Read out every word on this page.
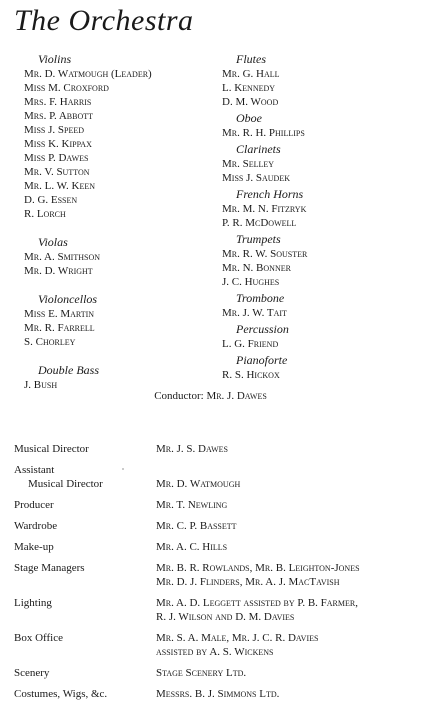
The Orchestra
Violins
Mr. D. Watmough (Leader)
Miss M. Croxford
Mrs. F. Harris
Mrs. P. Abbott
Miss J. Speed
Miss K. Kippax
Miss P. Dawes
Mr. V. Sutton
Mr. L. W. Keen
D. G. Essen
R. Lorch
Violas
Mr. A. Smithson
Mr. D. Wright
Violoncellos
Miss E. Martin
Mr. R. Farrell
S. Chorley
Double Bass
J. Bush
Flutes
Mr. G. Hall
L. Kennedy
D. M. Wood
Oboe
Mr. R. H. Phillips
Clarinets
Mr. Selley
Miss J. Saudek
French Horns
Mr. M. N. Fitzryk
P. R. McDowell
Trumpets
Mr. R. W. Souster
Mr. N. Bonner
J. C. Hughes
Trombone
Mr. J. W. Tait
Percussion
L. G. Friend
Pianoforte
R. S. Hickox
Conductor: Mr. J. Dawes
Musical Director	Mr. J. S. Dawes
Assistant
Musical Director	Mr. D. Watmough
Producer	Mr. T. Newling
Wardrobe	Mr. C. P. Bassett
Make-up	Mr. A. C. Hills
Stage Managers	Mr. B. R. Rowlands, Mr. B. Leighton-Jones
Mr. D. J. Flinders, Mr. A. J. MacTavish
Lighting	Mr. A. D. Leggett assisted by P. B. Farmer,
R. J. Wilson and D. M. Davies
Box Office	Mr. S. A. Male, Mr. J. C. R. Davies
assisted by A. S. Wickens
Scenery	Stage Scenery Ltd.
Costumes, Wigs, &c.	Messrs. B. J. Simmons Ltd.
